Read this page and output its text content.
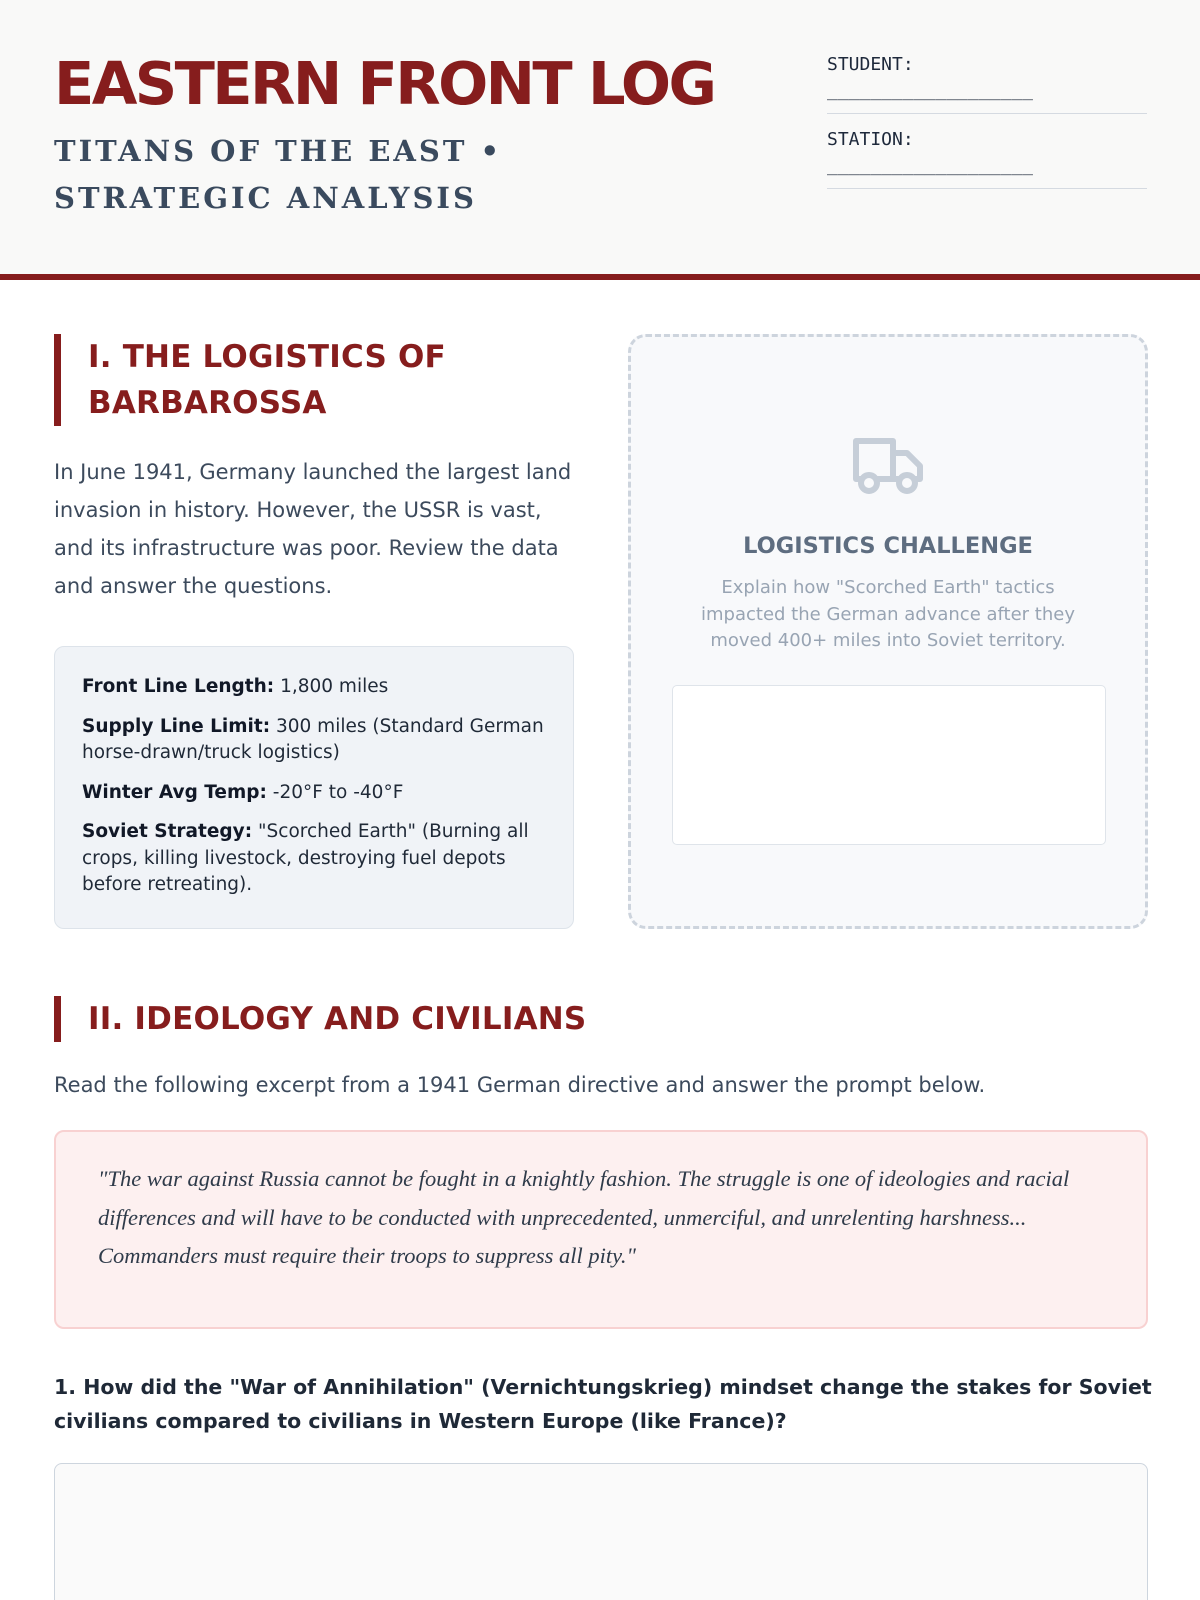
EASTERN FRONT LOG
TITANS OF THE EAST • STRATEGIC ANALYSIS
STUDENT:
___________________
STATION:
___________________
I. THE LOGISTICS OF BARBAROSSA

In June 1941, Germany launched the largest land invasion in history. However, the USSR is vast, and its infrastructure was poor. Review the data and answer the questions.

Front Line Length: 1,800 miles
Supply Line Limit: 300 miles (Standard German horse-drawn/truck logistics)
Winter Avg Temp: -20°F to -40°F
Soviet Strategy: "Scorched Earth" (Burning all crops, killing livestock, destroying fuel depots before retreating).
LOGISTICS CHALLENGE
Explain how "Scorched Earth" tactics impacted the German advance after they moved 400+ miles into Soviet territory.
II. IDEOLOGY AND CIVILIANS

Read the following excerpt from a 1941 German directive and answer the prompt below.

"The war against Russia cannot be fought in a knightly fashion. The struggle is one of ideologies and racial differences and will have to be conducted with unprecedented, unmerciful, and unrelenting harshness... Commanders must require their troops to suppress all pity."

1. How did the "War of Annihilation" (Vernichtungskrieg) mindset change the stakes for Soviet civilians compared to civilians in Western Europe (like France)?
